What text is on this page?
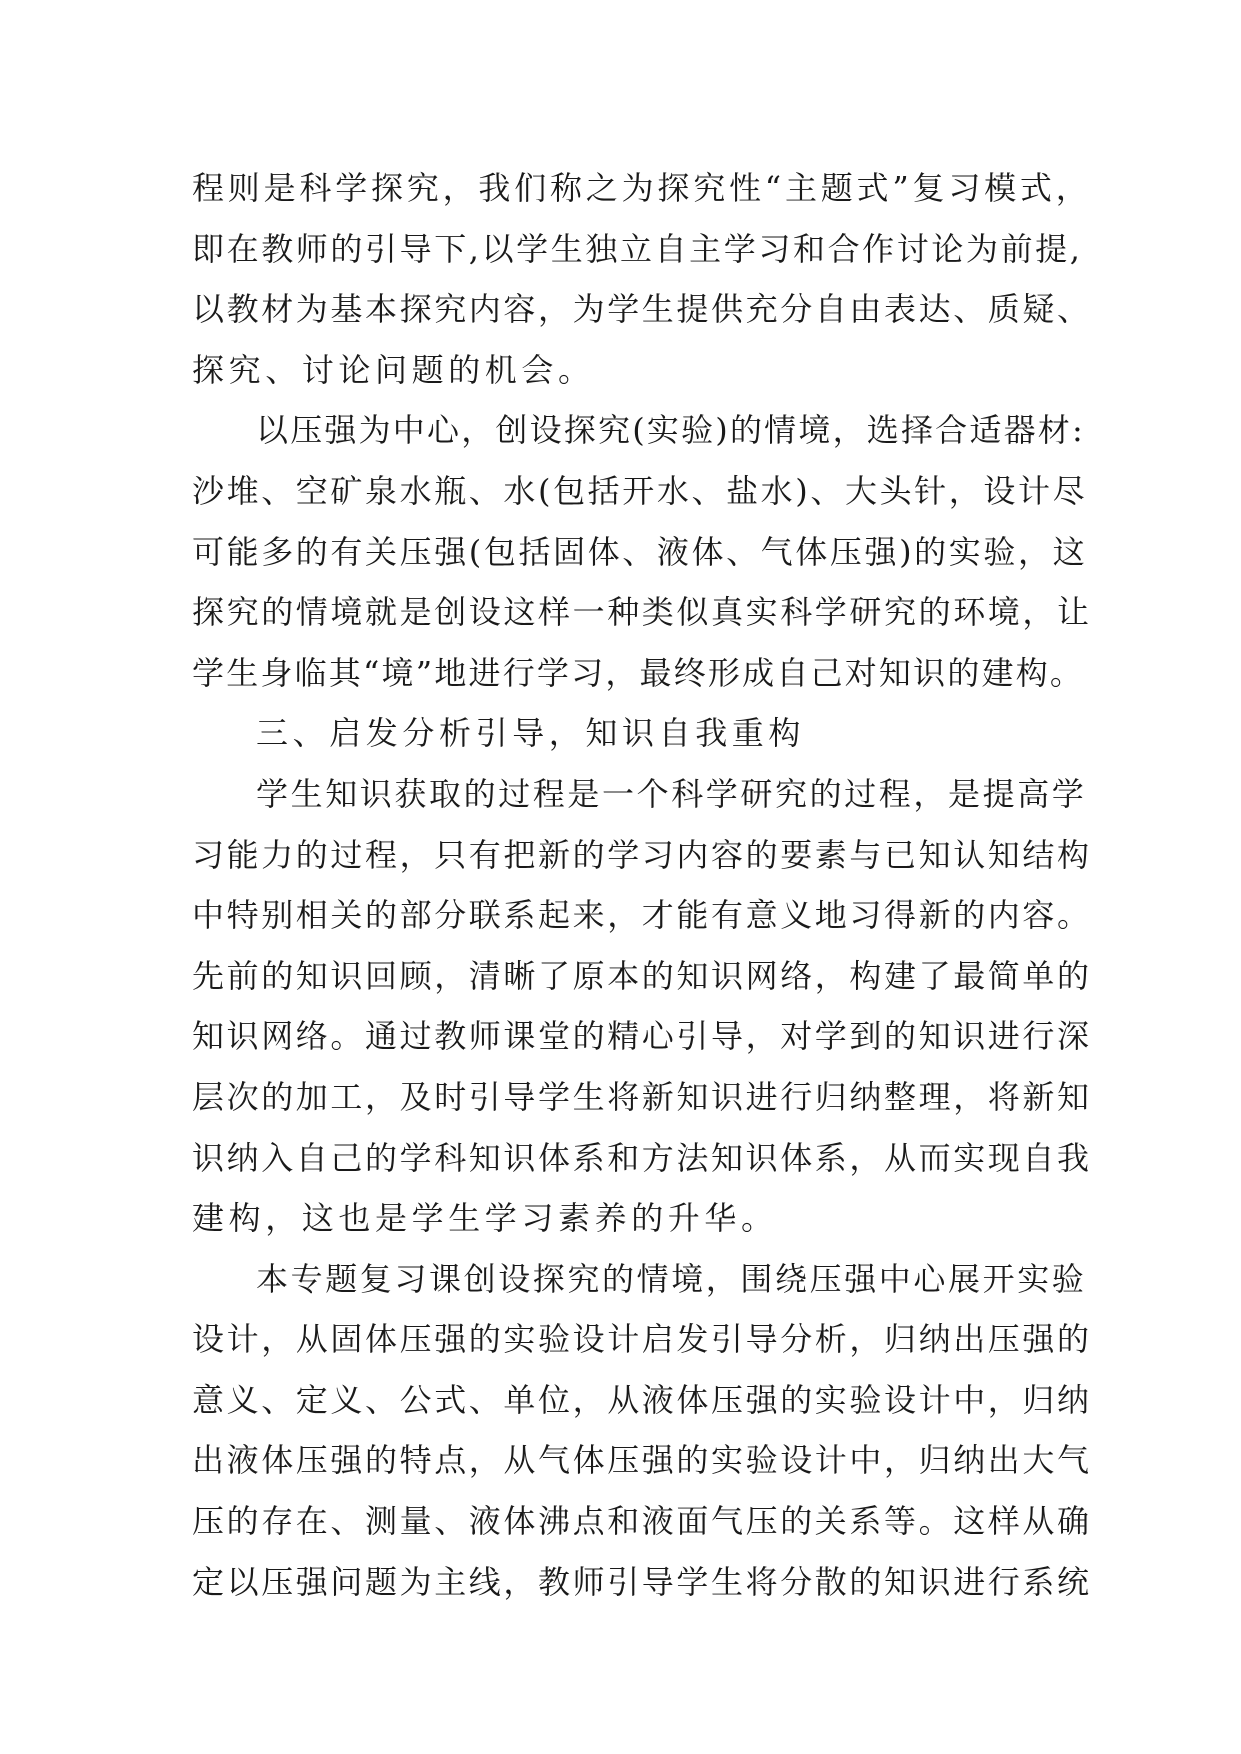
程则是科学探究，我们称之为探究性“主题式”复习模式，
即在教师的引导下,以学生独立自主学习和合作讨论为前提,
以教材为基本探究内容，为学生提供充分自由表达、质疑、
探究、讨论问题的机会。
以压强为中心，创设探究(实验)的情境，选择合适器材:
沙堆、空矿泉水瓶、水(包括开水、盐水)、大头针，设计尽
可能多的有关压强(包括固体、液体、气体压强)的实验，这
探究的情境就是创设这样一种类似真实科学研究的环境，让
学生身临其“境”地进行学习，最终形成自己对知识的建构。
三、启发分析引导，知识自我重构
学生知识获取的过程是一个科学研究的过程，是提高学
习能力的过程，只有把新的学习内容的要素与已知认知结构
中特别相关的部分联系起来，才能有意义地习得新的内容。
先前的知识回顾，清晰了原本的知识网络，构建了最简单的
知识网络。通过教师课堂的精心引导，对学到的知识进行深
层次的加工，及时引导学生将新知识进行归纳整理，将新知
识纳入自己的学科知识体系和方法知识体系，从而实现自我
建构，这也是学生学习素养的升华。
本专题复习课创设探究的情境，围绕压强中心展开实验
设计，从固体压强的实验设计启发引导分析，归纳出压强的
意义、定义、公式、单位，从液体压强的实验设计中，归纳
出液体压强的特点，从气体压强的实验设计中，归纳出大气
压的存在、测量、液体沸点和液面气压的关系等。这样从确
定以压强问题为主线，教师引导学生将分散的知识进行系统
